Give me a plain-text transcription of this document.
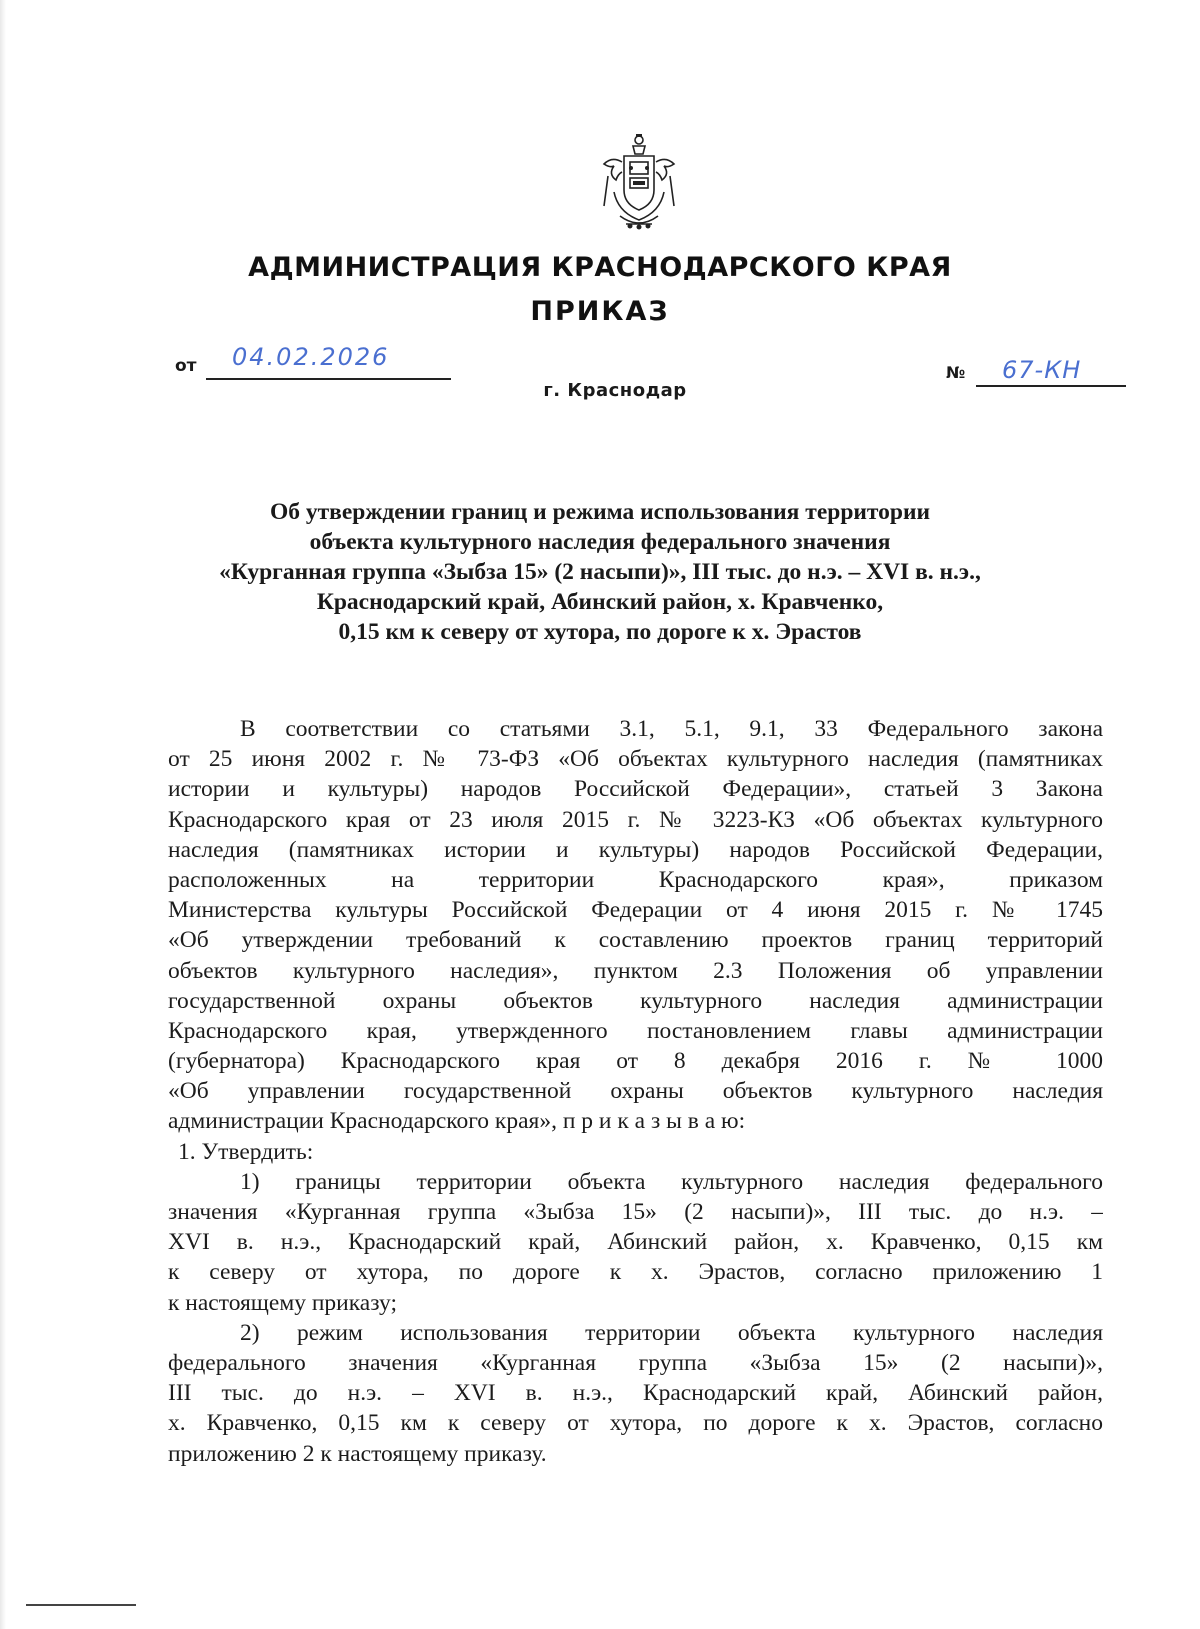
АДМИНИСТРАЦИЯ КРАСНОДАРСКОГО КРАЯ
ПРИКАЗ
от 04.02.2026
№ 67-КН
г. Краснодар
Об утверждении границ и режима использования территории
объекта культурного наследия федерального значения
«Курганная группа «Зыбза 15» (2 насыпи)», III тыс. до н.э. – XVI в. н.э.,
Краснодарский край, Абинский район, х. Кравченко,
0,15 км к северу от хутора, по дороге к х. Эрастов
В соответствии со статьями 3.1, 5.1, 9.1, 33 Федерального закона
от 25 июня 2002 г. № 73-ФЗ «Об объектах культурного наследия (памятниках
истории и культуры) народов Российской Федерации», статьей 3 Закона
Краснодарского края от 23 июля 2015 г. № 3223-КЗ «Об объектах культурного
наследия (памятниках истории и культуры) народов Российской Федерации,
расположенных на территории Краснодарского края», приказом
Министерства культуры Российской Федерации от 4 июня 2015 г. № 1745
«Об утверждении требований к составлению проектов границ территорий
объектов культурного наследия», пунктом 2.3 Положения об управлении
государственной охраны объектов культурного наследия администрации
Краснодарского края, утвержденного постановлением главы администрации
(губернатора) Краснодарского края от 8 декабря 2016 г. № 1000
«Об управлении государственной охраны объектов культурного наследия
администрации Краснодарского края», п р и к а з ы в а ю:
1. Утвердить:
1) границы территории объекта культурного наследия федерального
значения «Курганная группа «Зыбза 15» (2 насыпи)», III тыс. до н.э. –
XVI в. н.э., Краснодарский край, Абинский район, х. Кравченко, 0,15 км
к северу от хутора, по дороге к х. Эрастов, согласно приложению 1
к настоящему приказу;
2) режим использования территории объекта культурного наследия
федерального значения «Курганная группа «Зыбза 15» (2 насыпи)»,
III тыс. до н.э. – XVI в. н.э., Краснодарский край, Абинский район,
х. Кравченко, 0,15 км к северу от хутора, по дороге к х. Эрастов, согласно
приложению 2 к настоящему приказу.
